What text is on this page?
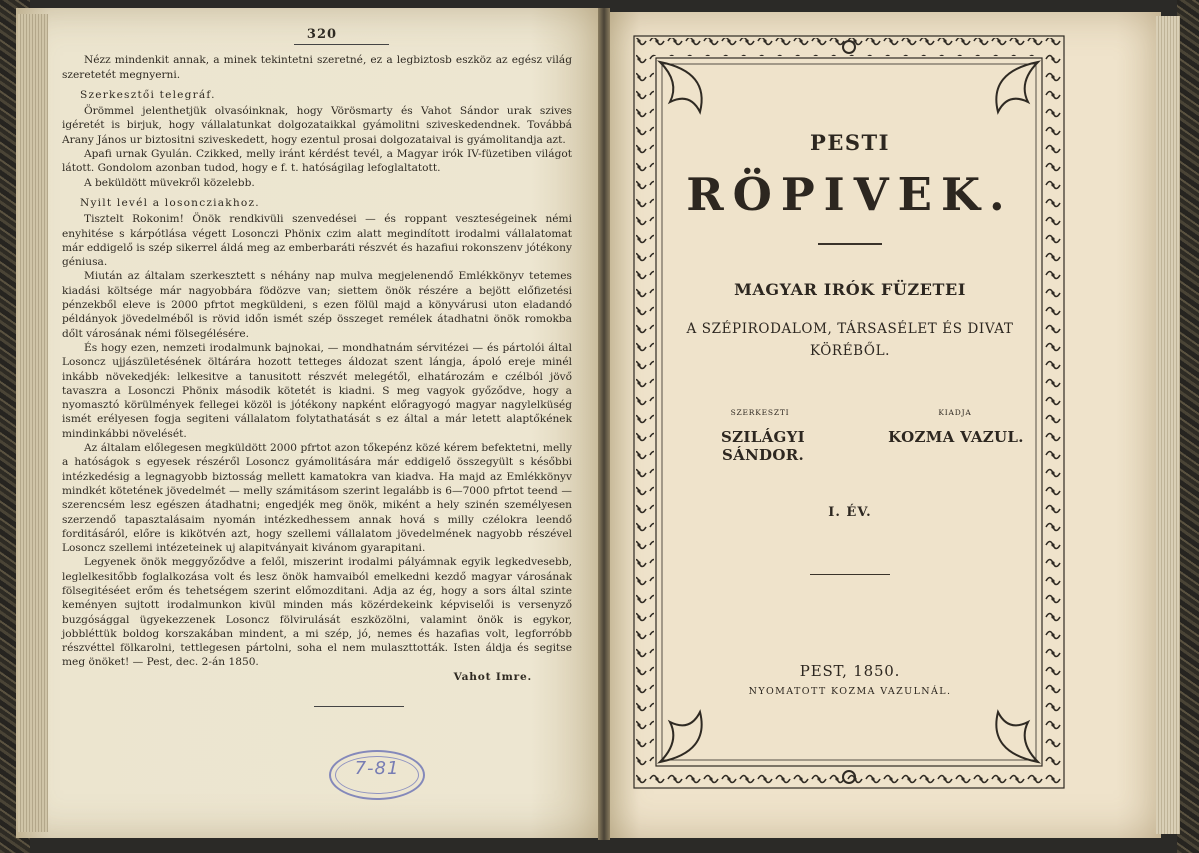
320

Nézz mindenkit annak, a minek tekintetni szeretné, ez a legbiztosb eszköz az egész világ szeretetét megnyerni.

Szerkesztői telegráf.

Örömmel jelenthetjük olvasóinknak, hogy Vörösmarty és Vahot Sándor urak szives igéretét is birjuk, hogy vállalatunkat dolgozataikkal gyámolitni sziveskedendnek. Továbbá Arany János ur biztositni sziveskedett, hogy ezentul prosai dolgozataival is gyámolitandja azt.

Apafi urnak Gyulán. Czikked, melly iránt kérdést tevél, a Magyar irók IV-füzetiben világot látott. Gondolom azonban tudod, hogy e f. t. hatóságilag lefoglaltatott.

A beküldött müvekről közelebb.

Nyilt levél a losoncziakhoz.

Tisztelt Rokonim! Önök rendkivüli szenvedései — és roppant veszteségeinek némi enyhitése s kárpótlása végett Losonczi Phönix czim alatt megindított irodalmi vállalatomat már eddigelő is szép sikerrel áldá meg az emberbaráti részvét és hazafiui rokonszenv jótékony géniusa.

Miután az általam szerkesztett s néhány nap mulva megjelenendő Emlékkönyv tetemes kiadási költsége már nagyobbára födözve van; siettem önök részére a bejött előfizetési pénzekből eleve is 2000 pfrtot megküldeni, s ezen fölül majd a könyvárusi uton eladandó példányok jövedelméből is rövid időn ismét szép összeget remélek átadhatni önök romokba dőlt városának némi fölsegélésére.

És hogy ezen, nemzeti irodalmunk bajnokai, — mondhatnám sérvitézei — és pártolói által Losoncz ujjászületésének öltárára hozott tetteges áldozat szent lángja, ápoló ereje minél inkább növekedjék: lelkesitve a tanusitott részvét melegétől, elhatározám e czélból jövő tavaszra a Losonczi Phönix második kötetét is kiadni. S meg vagyok győződve, hogy a nyomasztó körülmények fellegei közöl is jótékony napként előragyogó magyar nagylelküség ismét erélyesen fogja segiteni vállalatom folytathatását s ez által a már letett alaptőkének mindinkábbi növelését.

Az általam előlegesen megküldött 2000 pfrtot azon tőkepénz közé kérem befektetni, melly a hatóságok s egyesek részéről Losoncz gyámolitására már eddigelő összegyült s későbbi intézkedésig a legnagyobb biztosság mellett kamatokra van kiadva. Ha majd az Emlékkönyv mindkét kötetének jövedelmét — melly számitásom szerint legalább is 6—7000 pfrtot teend — szerencsém lesz egészen átadhatni; engedjék meg önök, miként a hely szinén személyesen szerzendő tapasztalásaim nyomán intézkedhessem annak hová s milly czélokra leendő forditásáról, előre is kikötvén azt, hogy szellemi vállalatom jövedelmének nagyobb részével Losoncz szellemi intézeteinek uj alapitványait kivánom gyarapitani.

Legyenek önök meggyőződve a felől, miszerint irodalmi pályámnak egyik legkedvesebb, leglelkesitőbb foglalkozása volt és lesz önök hamvaiból emelkedni kezdő magyar városának fölsegitéséet erőm és tehetségem szerint előmozditani. Adja az ég, hogy a sors által szinte keményen sujtott irodalmunkon kivül minden más közérdekeink képviselői is versenyző buzgósággal ügyekezzenek Losoncz fölvirulását eszközölni, valamint önök is egykor, jobbléttük boldog korszakában mindent, a mi szép, jó, nemes és hazafias volt, legforróbb részvéttel fölkarolni, tettlegesen pártolni, soha el nem mulaszttották. Isten áldja és segitse meg önöket! — Pest, dec. 2-án 1850.

Vahot Imre.

7-81
PESTI
RÖPIVEK.
MAGYAR IRÓK FÜZETEI
A SZÉPIRODALOM, TÁRSASÉLET ÉS DIVAT
KÖRÉBŐL.
SZERKESZTI
SZILÁGYI SÁNDOR.
KIADJA
KOZMA VAZUL.
I. ÉV.
PEST, 1850.
NYOMATOTT KOZMA VAZULNÁL.
